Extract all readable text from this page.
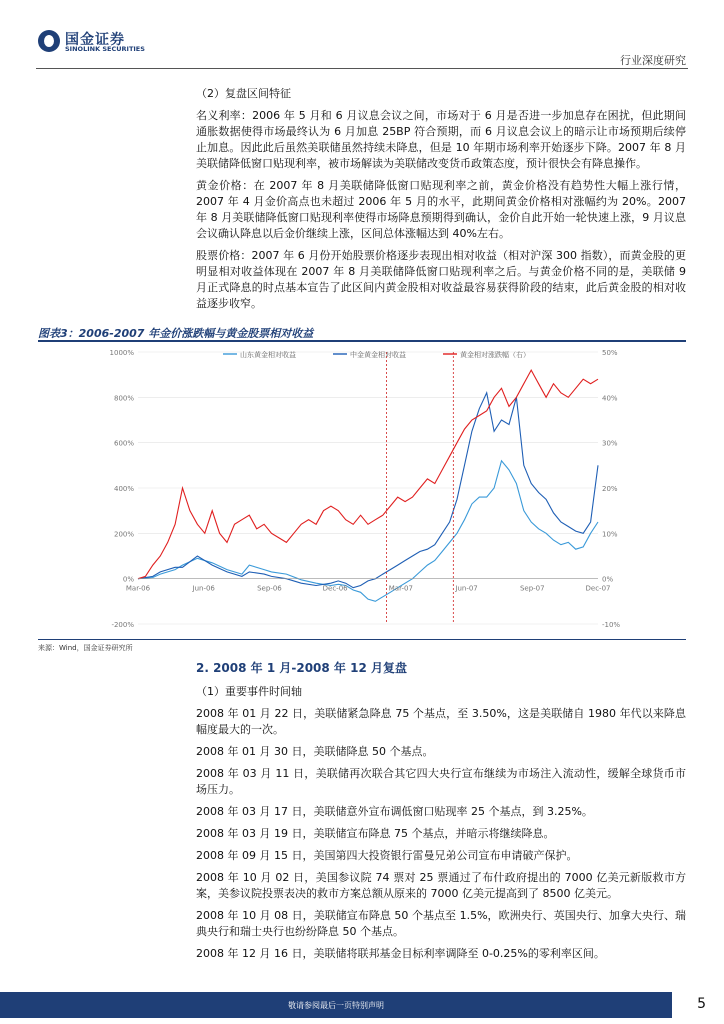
国金证券
SINOLINK SECURITIES
行业深度研究

（2）复盘区间特征

名义利率：2006 年 5 月和 6 月议息会议之间，市场对于 6 月是否进一步加息存在困扰，但此期间通胀数据使得市场最终认为 6 月加息 25BP 符合预期，而 6 月议息会议上的暗示让市场预期后续停止加息。因此此后虽然美联储虽然持续未降息，但是 10 年期市场利率开始逐步下降。2007 年 8 月美联储降低窗口贴现利率，被市场解读为美联储改变货币政策态度，预计很快会有降息操作。

黄金价格：在 2007 年 8 月美联储降低窗口贴现利率之前，黄金价格没有趋势性大幅上涨行情，2007 年 4 月金价高点也未超过 2006 年 5 月的水平，此期间黄金价格相对涨幅约为 20%。2007 年 8 月美联储降低窗口贴现利率使得市场降息预期得到确认，金价自此开始一轮快速上涨，9 月议息会议确认降息以后金价继续上涨，区间总体涨幅达到 40%左右。

股票价格：2007 年 6 月份开始股票价格逐步表现出相对收益（相对沪深 300 指数），而黄金股的更明显相对收益体现在 2007 年 8 月美联储降低窗口贴现利率之后。与黄金价格不同的是，美联储 9 月正式降息的时点基本宣告了此区间内黄金股相对收益最容易获得阶段的结束，此后黄金股的相对收益逐步收窄。

图表3：2006-2007 年金价涨跌幅与黄金股票相对收益
1000%	50%
800%	40%
600%	30%
400%	20%
200%	10%
0%	0%
-200%	-10%
Mar-06	Jun-06	Sep-06	Dec-06	Mar-07	Jun-07	Sep-07	Dec-07
山东黄金相对收益	中金黄金相对收益	黄金相对涨跌幅（右）
来源：Wind，国金证券研究所

2. 2008 年 1 月-2008 年 12 月复盘

（1）重要事件时间轴

2008 年 01 月 22 日，美联储紧急降息 75 个基点，至 3.50%，这是美联储自 1980 年代以来降息幅度最大的一次。

2008 年 01 月 30 日，美联储降息 50 个基点。

2008 年 03 月 11 日，美联储再次联合其它四大央行宣布继续为市场注入流动性，缓解全球货币市场压力。

2008 年 03 月 17 日，美联储意外宣布调低窗口贴现率 25 个基点，到 3.25%。

2008 年 03 月 19 日，美联储宣布降息 75 个基点，并暗示将继续降息。

2008 年 09 月 15 日，美国第四大投资银行雷曼兄弟公司宣布申请破产保护。

2008 年 10 月 02 日，美国参议院 74 票对 25 票通过了布什政府提出的 7000 亿美元新版救市方案，美参议院投票表决的救市方案总额从原来的 7000 亿美元提高到了 8500 亿美元。

2008 年 10 月 08 日，美联储宣布降息 50 个基点至 1.5%，欧洲央行、英国央行、加拿大央行、瑞典央行和瑞士央行也纷纷降息 50 个基点。

2008 年 12 月 16 日，美联储将联邦基金目标利率调降至 0-0.25%的零利率区间。

敬请参阅最后一页特别声明	5
